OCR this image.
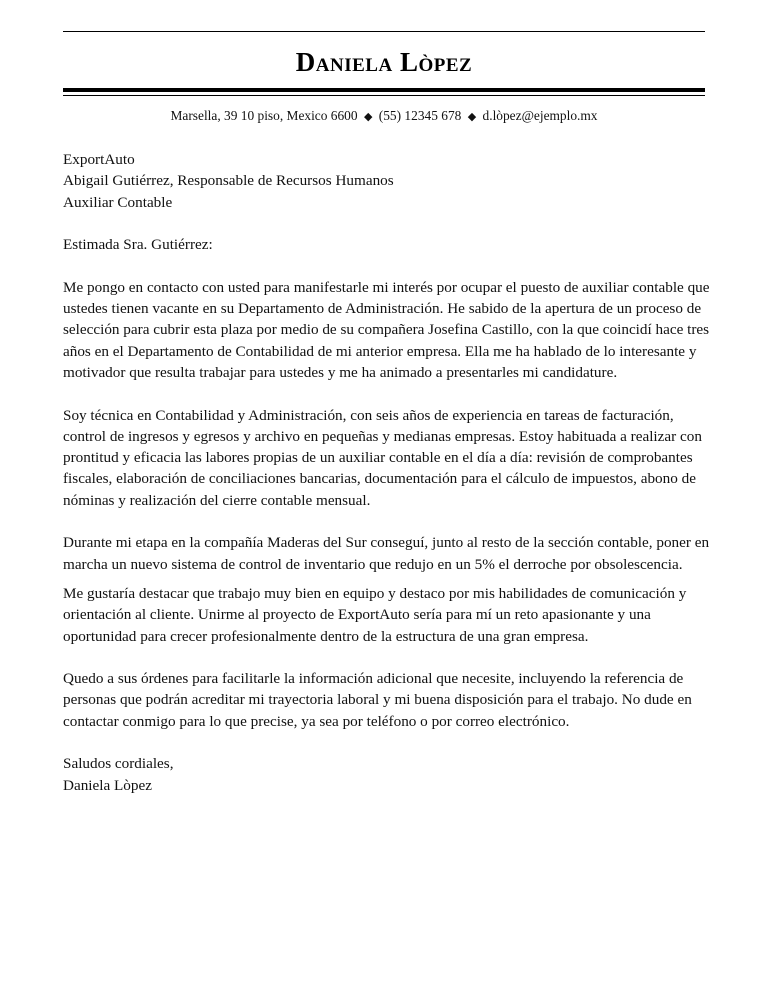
Daniela Lòpez
Marsella, 39 10 piso, Mexico 6600 ◆ (55) 12345 678 ◆ d.lòpez@ejemplo.mx

ExportAuto

Abigail Gutiérrez, Responsable de Recursos Humanos

Auxiliar Contable

Estimada Sra. Gutiérrez:

Me pongo en contacto con usted para manifestarle mi interés por ocupar el puesto de auxiliar contable que ustedes tienen vacante en su Departamento de Administración. He sabido de la apertura de un proceso de selección para cubrir esta plaza por medio de su compañera Josefina Castillo, con la que coincidí hace tres años en el Departamento de Contabilidad de mi anterior empresa. Ella me ha hablado de lo interesante y motivador que resulta trabajar para ustedes y me ha animado a presentarles mi candidature.

Soy técnica en Contabilidad y Administración, con seis años de experiencia en tareas de facturación, control de ingresos y egresos y archivo en pequeñas y medianas empresas. Estoy habituada a realizar con prontitud y eficacia las labores propias de un auxiliar contable en el día a día: revisión de comprobantes fiscales, elaboración de conciliaciones bancarias, documentación para el cálculo de impuestos, abono de nóminas y realización del cierre contable mensual.

Durante mi etapa en la compañía Maderas del Sur conseguí, junto al resto de la sección contable, poner en marcha un nuevo sistema de control de inventario que redujo en un 5% el derroche por obsolescencia.

Me gustaría destacar que trabajo muy bien en equipo y destaco por mis habilidades de comunicación y orientación al cliente. Unirme al proyecto de ExportAuto sería para mí un reto apasionante y una oportunidad para crecer profesionalmente dentro de la estructura de una gran empresa.

Quedo a sus órdenes para facilitarle la información adicional que necesite, incluyendo la referencia de personas que podrán acreditar mi trayectoria laboral y mi buena disposición para el trabajo. No dude en contactar conmigo para lo que precise, ya sea por teléfono o por correo electrónico.

Saludos cordiales,

Daniela Lòpez
